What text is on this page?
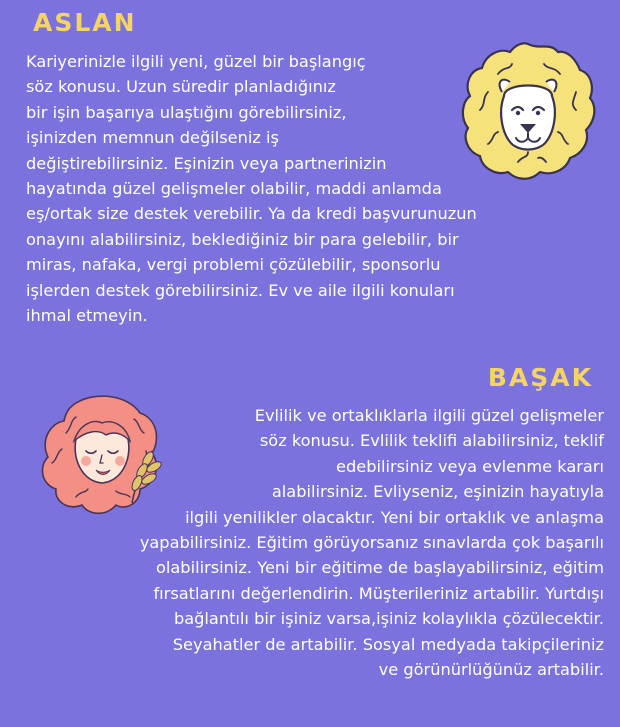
ASLAN

Kariyerinizle ilgili yeni, güzel bir başlangıç
söz konusu. Uzun süredir planladığınız
bir işin başarıya ulaştığını görebilirsiniz,
işinizden memnun değilseniz iş
değiştirebilirsiniz. Eşinizin veya partnerinizin
hayatında güzel gelişmeler olabilir, maddi anlamda
eş/ortak size destek verebilir. Ya da kredi başvurunuzun
onayını alabilirsiniz, beklediğiniz bir para gelebilir, bir
miras, nafaka, vergi problemi çözülebilir, sponsorlu
işlerden destek görebilirsiniz. Ev ve aile ilgili konuları
ihmal etmeyin.

BAŞAK

Evlilik ve ortaklıklarla ilgili güzel gelişmeler
söz konusu. Evlilik teklifi alabilirsiniz, teklif
edebilirsiniz veya evlenme kararı
alabilirsiniz. Evliyseniz, eşinizin hayatıyla
ilgili yenilikler olacaktır. Yeni bir ortaklık ve anlaşma
yapabilirsiniz. Eğitim görüyorsanız sınavlarda çok başarılı
olabilirsiniz. Yeni bir eğitime de başlayabilirsiniz, eğitim
fırsatlarını değerlendirin. Müşterileriniz artabilir. Yurtdışı
bağlantılı bir işiniz varsa,işiniz kolaylıkla çözülecektir.
Seyahatler de artabilir. Sosyal medyada takipçileriniz
ve görünürlüğünüz artabilir.
